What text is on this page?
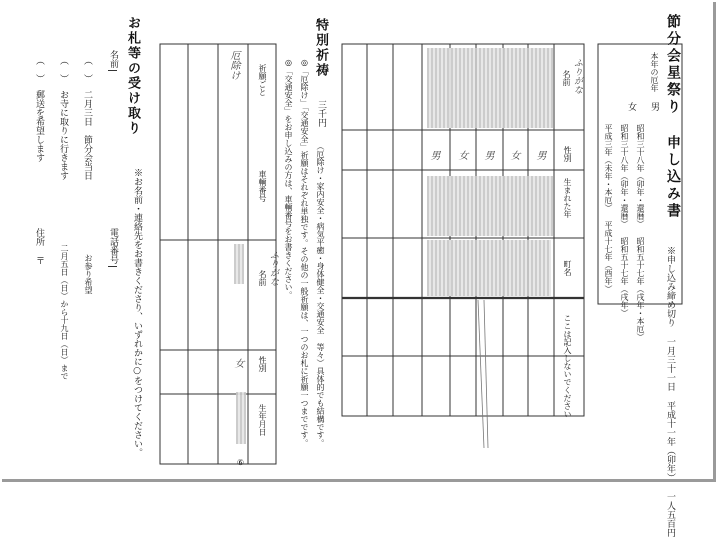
節分会星祭り 申し込み書
※申し込み締め切り 一月三十一日 平成十一年（卯年） 一人五百円
本年の厄年
男
女
昭和三十八年（卯年・還暦） 昭和五十七年（戌年・本厄）
昭和三十八年（卯年・還暦） 昭和五十七年（戌年）
平成三年（未年・本厄） 平成十七年（酉年）
名前 ふりがな
性別
生まれた年
町名
ここは記入しないでください
男
女
男
女
男
特別祈祷
三千円
（厄除け・家内安全・病気平癒・身体健全・交通安全 等々）具体的でも結構です。
◎「厄除け」「交通安全」祈願はそれぞれ単独です。その他の一般祈願は、一つのお札に祈願一つまでです。
◎「交通安全」をお申し込みの方は、車輌番号をお書きください。
祈願ごと
車輌番号
名前 ふりがな
性別
生年月日
厄除け
女
⑥
お札等の受け取り
※お名前・連絡先をお書きくださり、いずれかに○をつけてください。
名前
電話番号
（　）
二月三日　節分会当日
お参り希望
（　）
お寺に取りに行きます
二月五日（日）から十九日（日）まで
（　）
郵送を希望します
住所
〒
